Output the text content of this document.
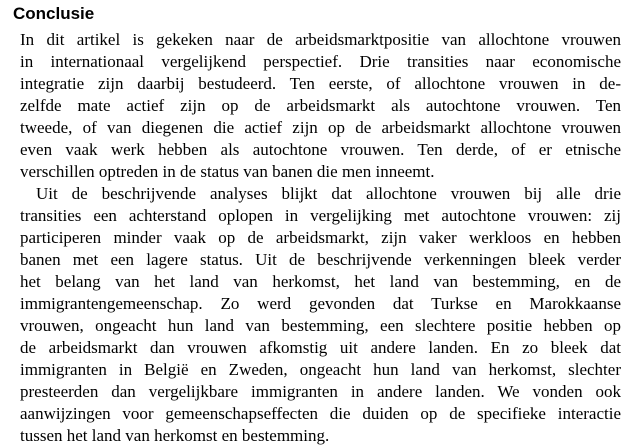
Conclusie

In dit artikel is gekeken naar de arbeidsmarktpositie van allochtone vrouwen

in internationaal vergelijkend perspectief. Drie transities naar economische

integratie zijn daarbij bestudeerd. Ten eerste, of allochtone vrouwen in de-

zelfde mate actief zijn op de arbeidsmarkt als autochtone vrouwen. Ten

tweede, of van diegenen die actief zijn op de arbeidsmarkt allochtone vrouwen

even vaak werk hebben als autochtone vrouwen. Ten derde, of er etnische

verschillen optreden in de status van banen die men inneemt.

Uit de beschrijvende analyses blijkt dat allochtone vrouwen bij alle drie

transities een achterstand oplopen in vergelijking met autochtone vrouwen: zij

participeren minder vaak op de arbeidsmarkt, zijn vaker werkloos en hebben

banen met een lagere status. Uit de beschrijvende verkenningen bleek verder

het belang van het land van herkomst, het land van bestemming, en de

immigrantengemeenschap. Zo werd gevonden dat Turkse en Marokkaanse

vrouwen, ongeacht hun land van bestemming, een slechtere positie hebben op

de arbeidsmarkt dan vrouwen afkomstig uit andere landen. En zo bleek dat

immigranten in België en Zweden, ongeacht hun land van herkomst, slechter

presteerden dan vergelijkbare immigranten in andere landen. We vonden ook

aanwijzingen voor gemeenschapseffecten die duiden op de specifieke interactie

tussen het land van herkomst en bestemming.
